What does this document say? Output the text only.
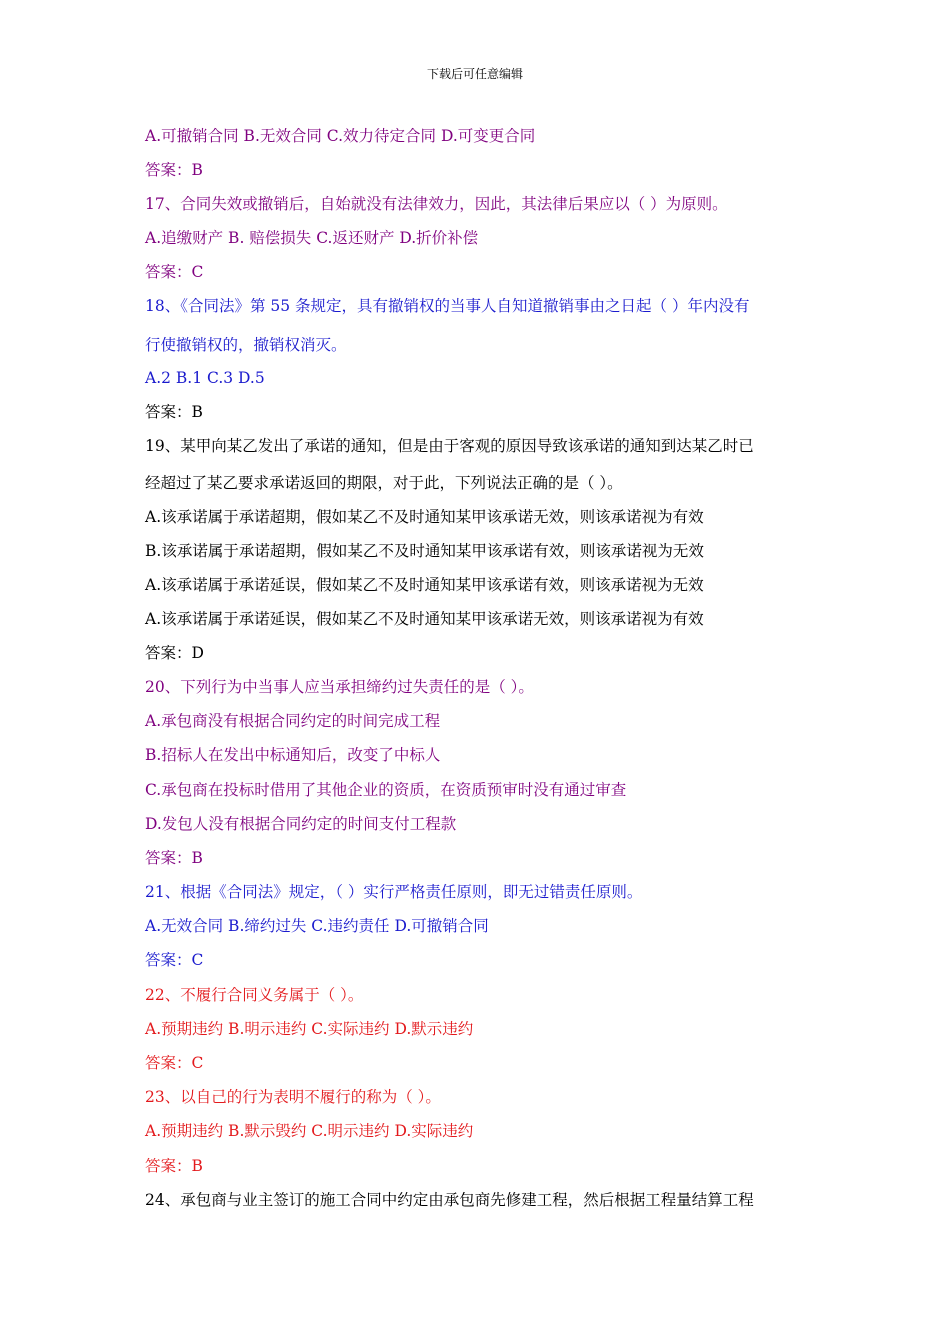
下载后可任意编辑
A.可撤销合同 B.无效合同 C.效力待定合同 D.可变更合同
答案：B
17、合同失效或撤销后，自始就没有法律效力，因此，其法律后果应以（ ）为原则。
A.追缴财产 B. 赔偿损失 C.返还财产 D.折价补偿
答案：C
18、《合同法》第 55 条规定，具有撤销权的当事人自知道撤销事由之日起（ ）年内没有
行使撤销权的，撤销权消灭。
A.2 B.1 C.3 D.5
答案：B
19、某甲向某乙发出了承诺的通知，但是由于客观的原因导致该承诺的通知到达某乙时已
经超过了某乙要求承诺返回的期限，对于此，下列说法正确的是（ ）。
A.该承诺属于承诺超期，假如某乙不及时通知某甲该承诺无效，则该承诺视为有效
B.该承诺属于承诺超期，假如某乙不及时通知某甲该承诺有效，则该承诺视为无效
A.该承诺属于承诺延误，假如某乙不及时通知某甲该承诺有效，则该承诺视为无效
A.该承诺属于承诺延误，假如某乙不及时通知某甲该承诺无效，则该承诺视为有效
答案：D
20、下列行为中当事人应当承担缔约过失责任的是（ ）。
A.承包商没有根据合同约定的时间完成工程
B.招标人在发出中标通知后，改变了中标人
C.承包商在投标时借用了其他企业的资质，在资质预审时没有通过审查
D.发包人没有根据合同约定的时间支付工程款
答案：B
21、根据《合同法》规定，（ ）实行严格责任原则，即无过错责任原则。
A.无效合同 B.缔约过失 C.违约责任 D.可撤销合同
答案：C
22、不履行合同义务属于（ ）。
A.预期违约 B.明示违约 C.实际违约 D.默示违约
答案：C
23、以自己的行为表明不履行的称为（ ）。
A.预期违约 B.默示毁约 C.明示违约 D.实际违约
答案：B
24、承包商与业主签订的施工合同中约定由承包商先修建工程，然后根据工程量结算工程
